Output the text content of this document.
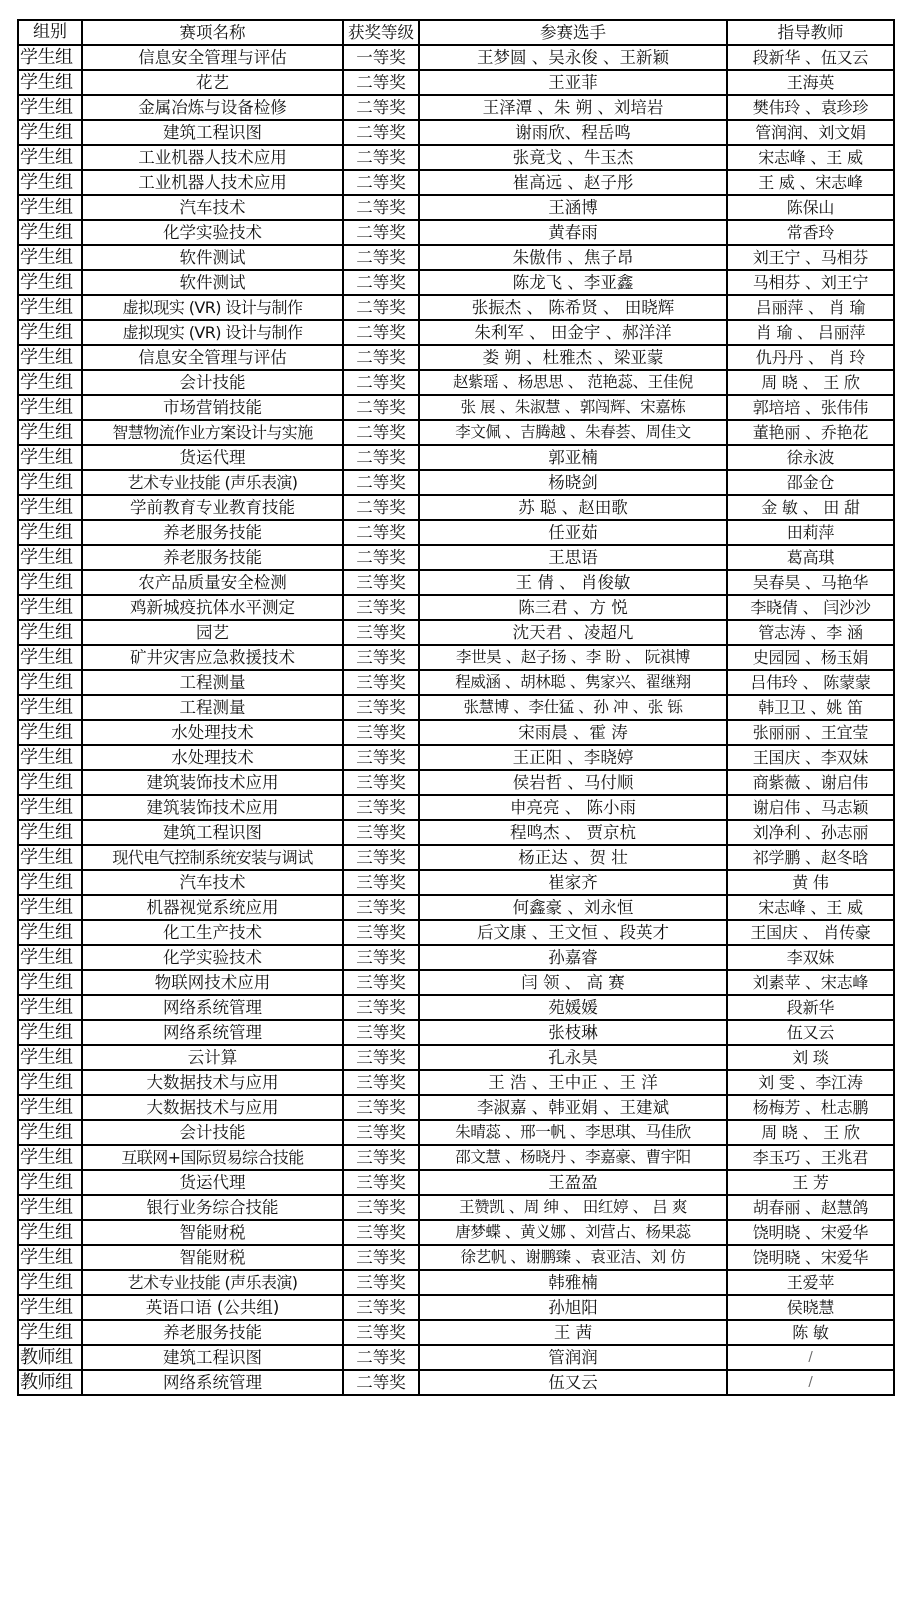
组别	赛项名称	获奖等级	参赛选手	指导教师
学生组	信息安全管理与评估	一等奖	王梦圆 、吴永俊 、王新颖	段新华 、伍又云
学生组	花艺	二等奖	王亚菲	王海英
学生组	金属冶炼与设备检修	二等奖	王泽潭 、朱 朔 、刘培岩	樊伟玲 、袁珍珍
学生组	建筑工程识图	二等奖	谢雨欣、程岳鸣	管润润、刘文娟
学生组	工业机器人技术应用	二等奖	张竟戈 、牛玉杰	宋志峰 、王 威
学生组	工业机器人技术应用	二等奖	崔高远 、赵子彤	王 威 、宋志峰
学生组	汽车技术	二等奖	王涵博	陈保山
学生组	化学实验技术	二等奖	黄春雨	常香玲
学生组	软件测试	二等奖	朱傲伟 、焦子昂	刘王宁 、马相芬
学生组	软件测试	二等奖	陈龙飞 、李亚鑫	马相芬 、刘王宁
学生组	虚拟现实 (VR) 设计与制作	二等奖	张振杰 、 陈希贤 、 田晓辉	吕丽萍 、 肖 瑜
学生组	虚拟现实 (VR) 设计与制作	二等奖	朱利军 、 田金宇 、郝洋洋	肖 瑜 、 吕丽萍
学生组	信息安全管理与评估	二等奖	娄 朔 、杜雅杰 、梁亚蒙	仇丹丹 、 肖 玲
学生组	会计技能	二等奖	赵紫瑶 、杨思思 、 范艳蕊、王佳倪	周 晓 、 王 欣
学生组	市场营销技能	二等奖	张 展 、朱淑慧 、郭闯辉、宋嘉栋	郭培培 、张伟伟
学生组	智慧物流作业方案设计与实施	二等奖	李文佩 、吉腾越 、朱春荟、周佳文	董艳丽 、乔艳花
学生组	货运代理	二等奖	郭亚楠	徐永波
学生组	艺术专业技能 (声乐表演)	二等奖	杨晓剑	邵金仓
学生组	学前教育专业教育技能	二等奖	苏 聪 、赵田歌	金 敏 、 田 甜
学生组	养老服务技能	二等奖	任亚茹	田莉萍
学生组	养老服务技能	二等奖	王思语	葛高琪
学生组	农产品质量安全检测	三等奖	王 倩 、 肖俊敏	吴春昊 、马艳华
学生组	鸡新城疫抗体水平测定	三等奖	陈三君 、方 悦	李晓倩 、 闫沙沙
学生组	园艺	三等奖	沈天君 、凌超凡	管志涛 、李 涵
学生组	矿井灾害应急救援技术	三等奖	李世昊 、赵子扬 、李 盼 、 阮祺博	史园园 、杨玉娟
学生组	工程测量	三等奖	程威涵 、胡林聪 、隽家兴、翟继翔	吕伟玲 、 陈蒙蒙
学生组	工程测量	三等奖	张慧博 、李仕猛 、孙 冲 、张 铄	韩卫卫 、姚 笛
学生组	水处理技术	三等奖	宋雨晨 、霍 涛	张丽丽 、王宜莹
学生组	水处理技术	三等奖	王正阳 、李晓婷	王国庆 、李双妹
学生组	建筑装饰技术应用	三等奖	侯岩哲 、马付顺	商紫薇 、谢启伟
学生组	建筑装饰技术应用	三等奖	申亮亮 、 陈小雨	谢启伟 、马志颖
学生组	建筑工程识图	三等奖	程鸣杰 、 贾京杭	刘净利 、孙志丽
学生组	现代电气控制系统安装与调试	三等奖	杨正达 、贺 壮	祁学鹏 、赵冬晗
学生组	汽车技术	三等奖	崔家齐	黄 伟
学生组	机器视觉系统应用	三等奖	何鑫豪 、刘永恒	宋志峰 、王 威
学生组	化工生产技术	三等奖	后文康 、王文恒 、段英才	王国庆 、 肖传豪
学生组	化学实验技术	三等奖	孙嘉睿	李双妹
学生组	物联网技术应用	三等奖	闫 领 、 高 赛	刘素苹 、宋志峰
学生组	网络系统管理	三等奖	苑媛媛	段新华
学生组	网络系统管理	三等奖	张枝琳	伍又云
学生组	云计算	三等奖	孔永昊	刘 琰
学生组	大数据技术与应用	三等奖	王 浩 、王中正 、王 洋	刘 雯 、李江涛
学生组	大数据技术与应用	三等奖	李淑嘉 、韩亚娟 、王建斌	杨梅芳 、杜志鹏
学生组	会计技能	三等奖	朱晴蕊 、邢一帆 、李思琪、马佳欣	周 晓 、 王 欣
学生组	互联网+国际贸易综合技能	三等奖	邵文慧 、杨晓丹 、李嘉豪、曹宇阳	李玉巧 、王兆君
学生组	货运代理	三等奖	王盈盈	王 芳
学生组	银行业务综合技能	三等奖	王赞凯 、周 绅 、 田红婷 、 吕 爽	胡春丽 、赵慧鸽
学生组	智能财税	三等奖	唐梦蝶 、黄义娜 、刘营占、杨果蕊	饶明晓 、宋爱华
学生组	智能财税	三等奖	徐艺帆 、谢鹏臻 、袁亚洁、刘 仿	饶明晓 、宋爱华
学生组	艺术专业技能 (声乐表演)	三等奖	韩雅楠	王爱苹
学生组	英语口语 (公共组)	三等奖	孙旭阳	侯晓慧
学生组	养老服务技能	三等奖	王 茜	陈 敏
教师组	建筑工程识图	二等奖	管润润	/
教师组	网络系统管理	二等奖	伍又云	/
